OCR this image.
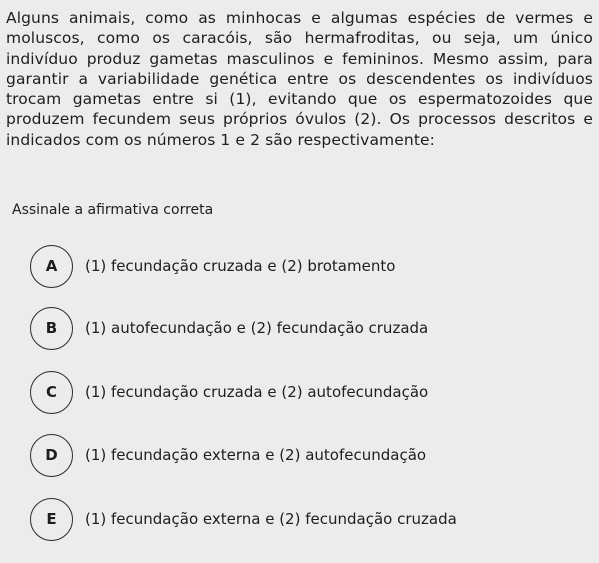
Alguns animais, como as minhocas e algumas espécies de vermes e moluscos, como os caracóis, são hermafroditas, ou seja, um único indivíduo produz gametas masculinos e femininos. Mesmo assim, para garantir a variabilidade genética entre os descendentes os indivíduos trocam gametas entre si (1), evitando que os espermatozoides que produzem fecundem seus próprios óvulos (2). Os processos descritos e indicados com os números 1 e 2 são respectivamente:

Assinale a afirmativa correta

A	(1) fecundação cruzada e (2) brotamento
B	(1) autofecundação e (2) fecundação cruzada
C	(1) fecundação cruzada e (2) autofecundação
D	(1) fecundação externa e (2) autofecundação
E	(1) fecundação externa e (2) fecundação cruzada
